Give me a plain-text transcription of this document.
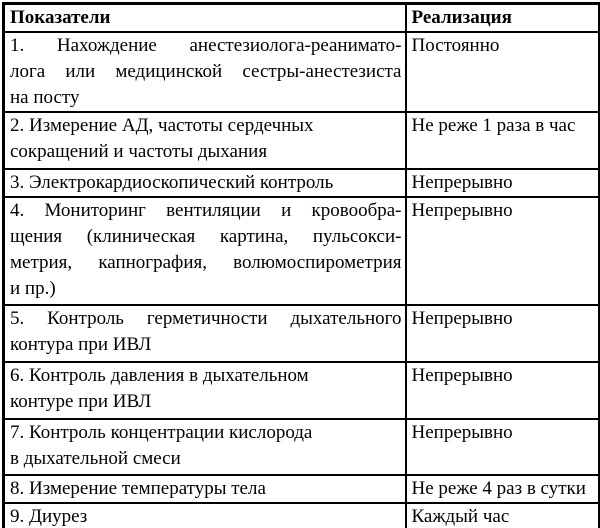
Показатели	Реализация

1. Нахождение анестезиолога-реанимато-
лога или медицинской сестры-анестезиста
на посту	Постоянно

2. Измерение АД, частоты сердечных
сокращений и частоты дыхания	Не реже 1 раза в час

3. Электрокардиоскопический контроль	Непрерывно

4. Мониторинг вентиляции и кровообра-
щения (клиническая картина, пульсокси-
метрия, капнография, волюмоспирометрия
и пр.)	Непрерывно

5. Контроль герметичности дыхательного
контура при ИВЛ	Непрерывно

6. Контроль давления в дыхательном
контуре при ИВЛ	Непрерывно

7. Контроль концентрации кислорода
в дыхательной смеси	Непрерывно

8. Измерение температуры тела	Не реже 4 раз в сутки

9. Диурез	Каждый час
